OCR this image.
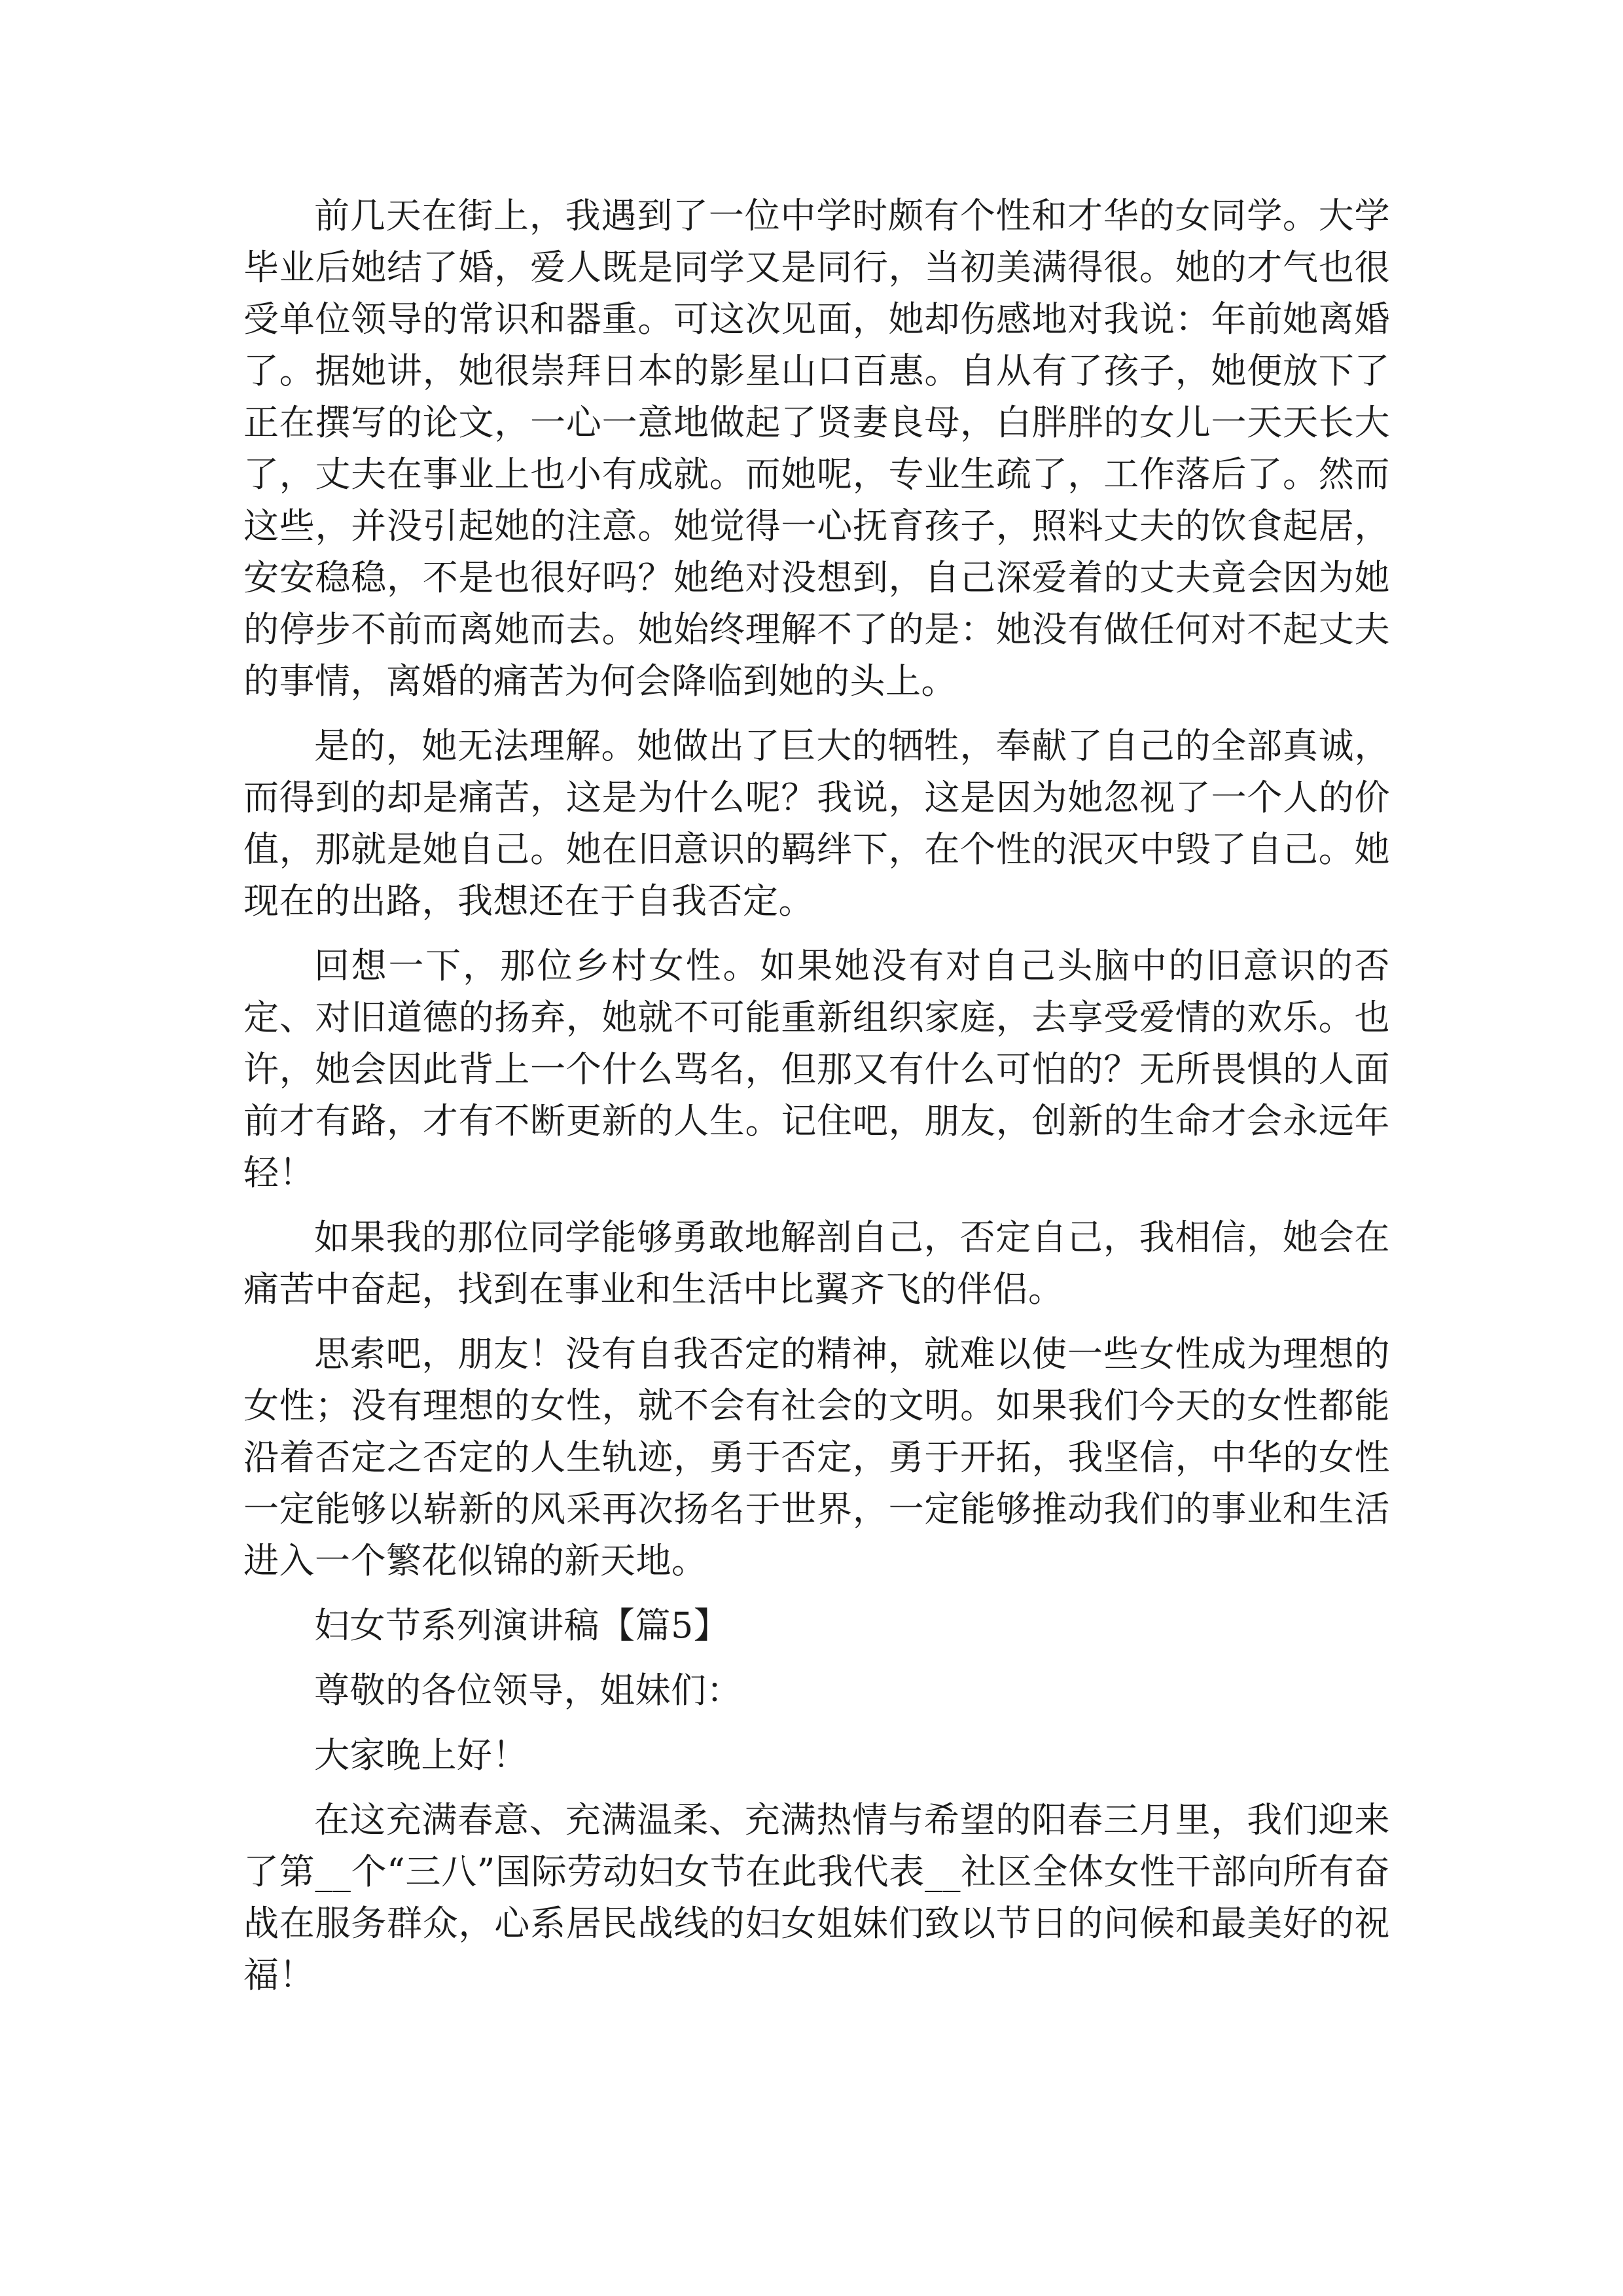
前几天在街上，我遇到了一位中学时颇有个性和才华的女同学。大学毕业后她结了婚，爱人既是同学又是同行，当初美满得很。她的才气也很受单位领导的常识和器重。可这次见面，她却伤感地对我说：年前她离婚了。据她讲，她很崇拜日本的影星山口百惠。自从有了孩子，她便放下了正在撰写的论文，一心一意地做起了贤妻良母，白胖胖的女儿一天天长大了，丈夫在事业上也小有成就。而她呢，专业生疏了，工作落后了。然而这些，并没引起她的注意。她觉得一心抚育孩子，照料丈夫的饮食起居，安安稳稳，不是也很好吗？她绝对没想到，自己深爱着的丈夫竟会因为她的停步不前而离她而去。她始终理解不了的是：她没有做任何对不起丈夫的事情，离婚的痛苦为何会降临到她的头上。

是的，她无法理解。她做出了巨大的牺牲，奉献了自己的全部真诚，而得到的却是痛苦，这是为什么呢？我说，这是因为她忽视了一个人的价值，那就是她自己。她在旧意识的羁绊下，在个性的泯灭中毁了自己。她现在的出路，我想还在于自我否定。

回想一下，那位乡村女性。如果她没有对自己头脑中的旧意识的否定、对旧道德的扬弃，她就不可能重新组织家庭，去享受爱情的欢乐。也许，她会因此背上一个什么骂名，但那又有什么可怕的？无所畏惧的人面前才有路，才有不断更新的人生。记住吧，朋友，创新的生命才会永远年轻！

如果我的那位同学能够勇敢地解剖自己，否定自己，我相信，她会在痛苦中奋起，找到在事业和生活中比翼齐飞的伴侣。

思索吧，朋友！没有自我否定的精神，就难以使一些女性成为理想的女性；没有理想的女性，就不会有社会的文明。如果我们今天的女性都能沿着否定之否定的人生轨迹，勇于否定，勇于开拓，我坚信，中华的女性一定能够以崭新的风采再次扬名于世界，一定能够推动我们的事业和生活进入一个繁花似锦的新天地。

妇女节系列演讲稿【篇5】

尊敬的各位领导，姐妹们：

大家晚上好！

在这充满春意、充满温柔、充满热情与希望的阳春三月里，我们迎来了第__个“三八”国际劳动妇女节在此我代表__社区全体女性干部向所有奋战在服务群众，心系居民战线的妇女姐妹们致以节日的问候和最美好的祝福！
